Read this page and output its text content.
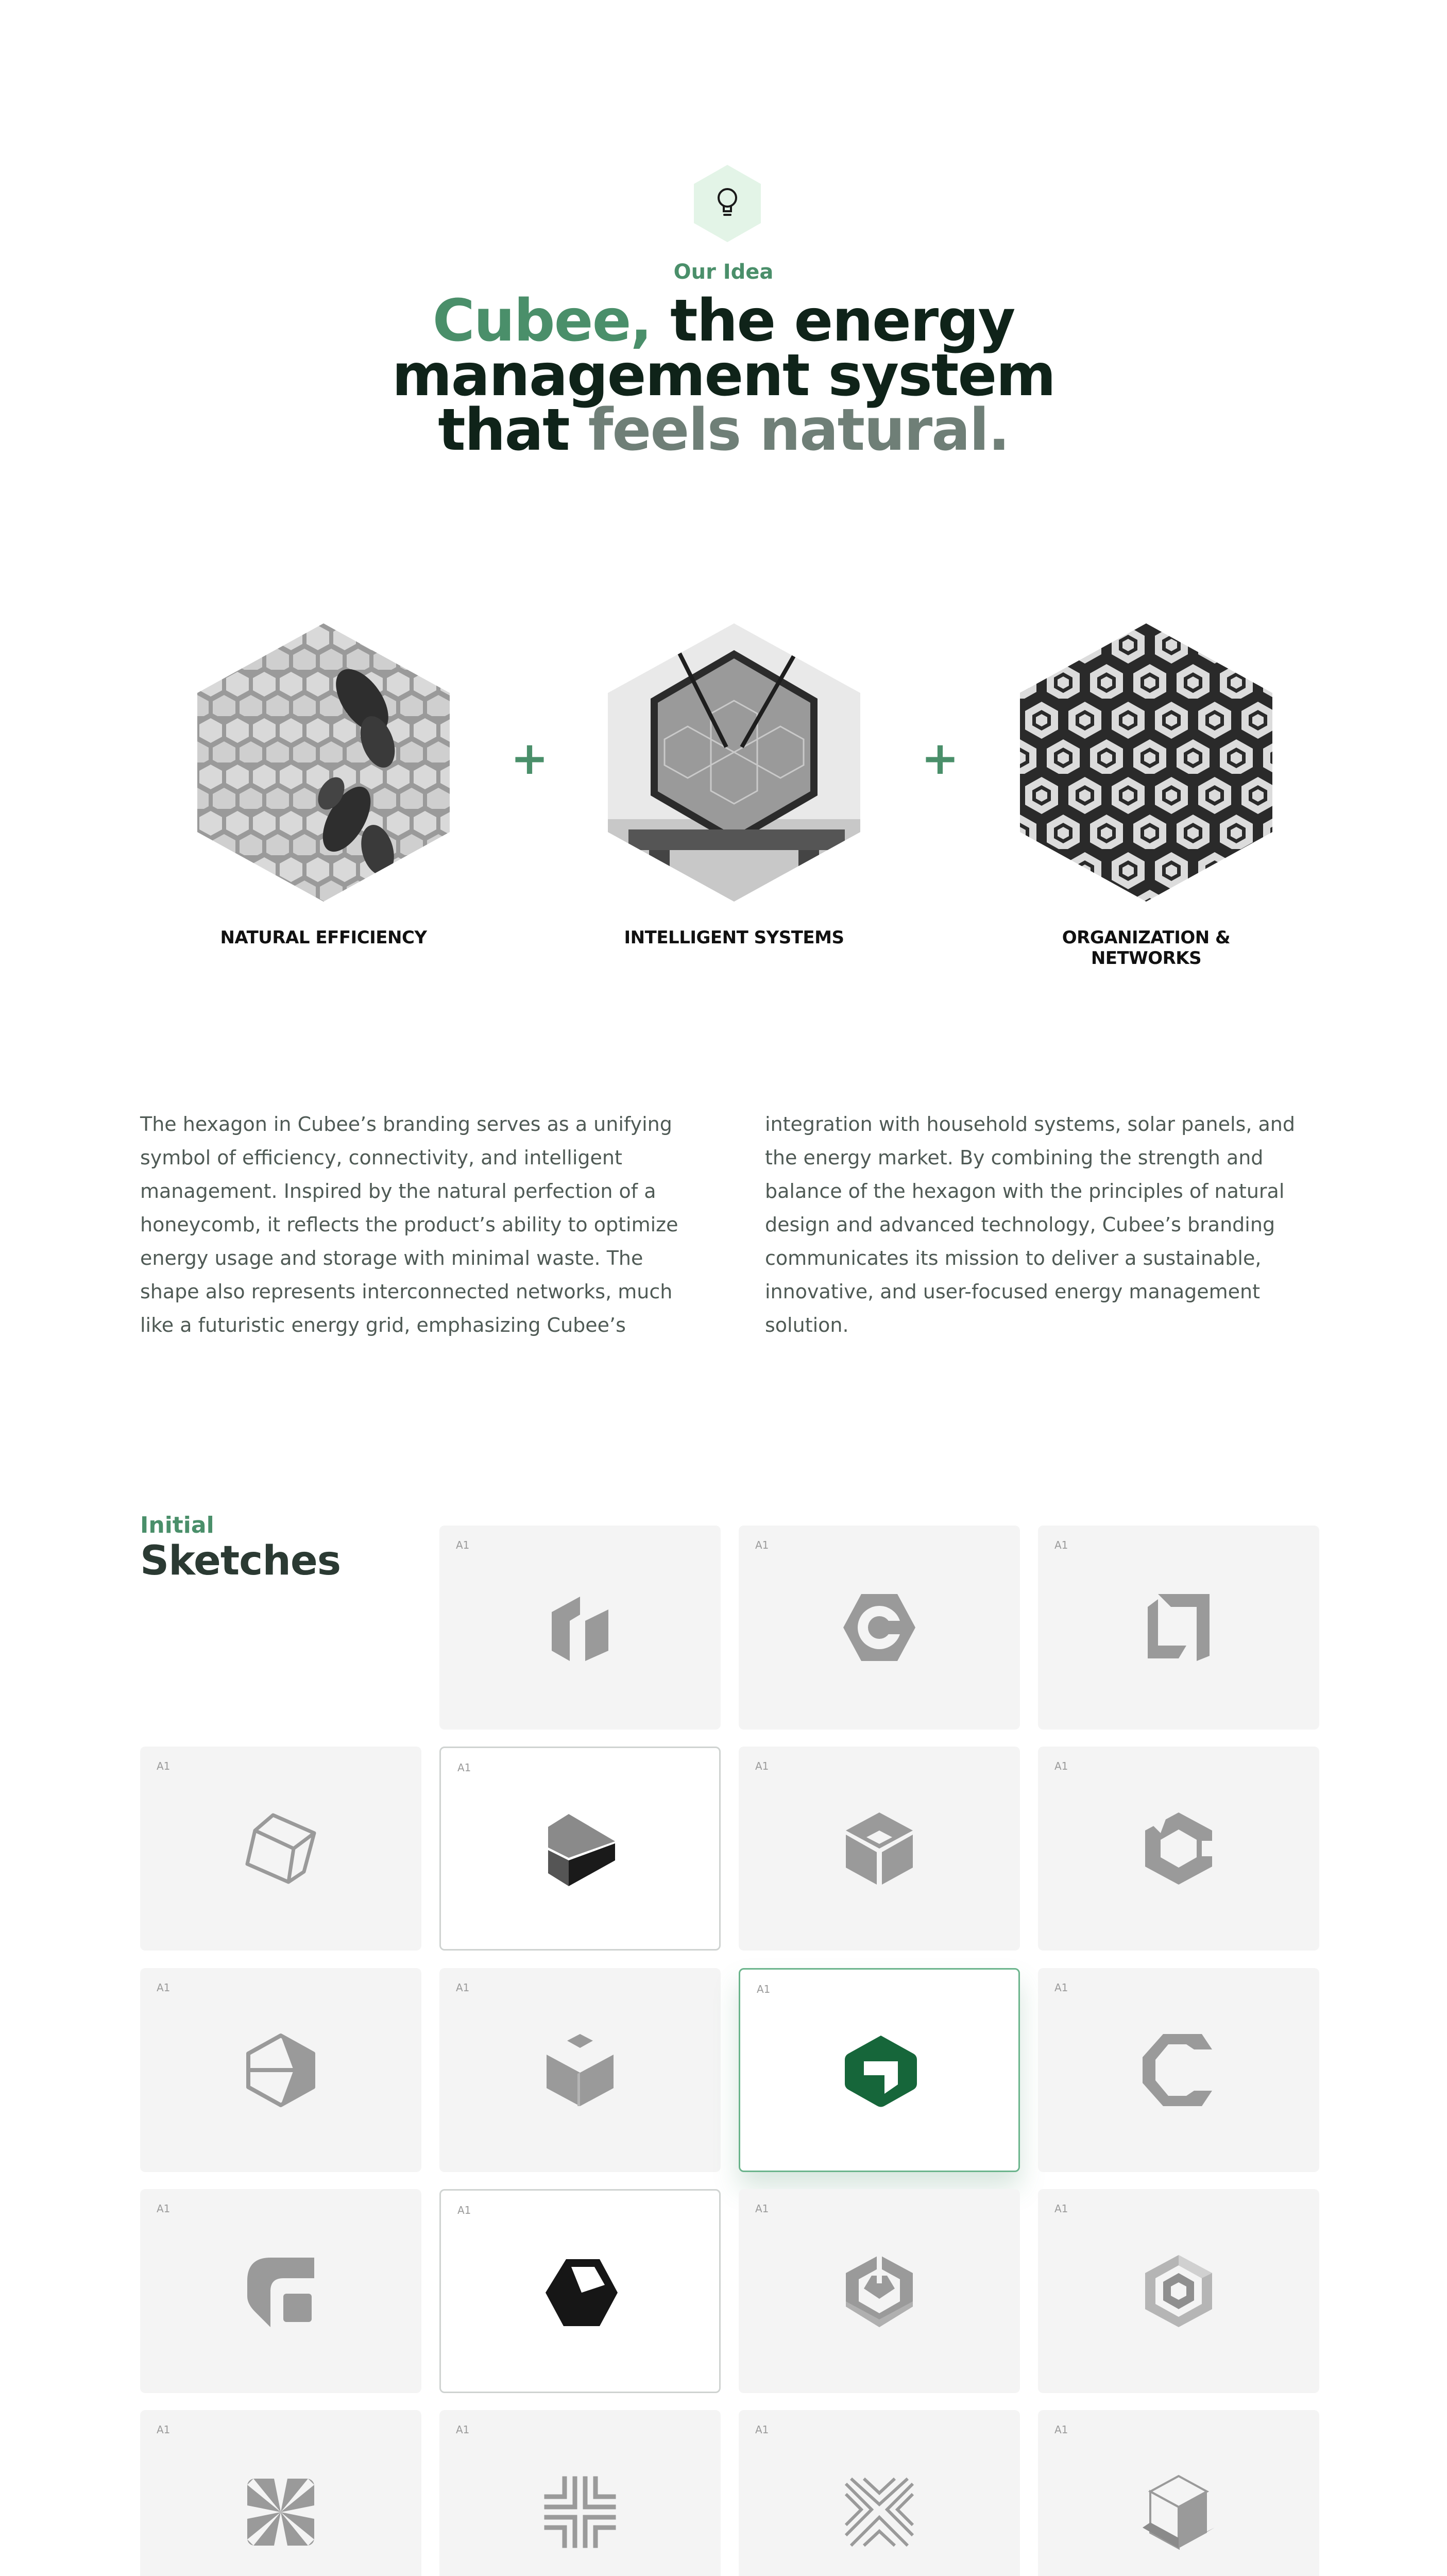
Our Idea
Cubee, the energy
management system
that feels natural.
NATURAL EFFICIENCY
+
INTELLIGENT SYSTEMS
+
ORGANIZATION & NETWORKS
The hexagon in Cubee’s branding serves as a unifying
symbol of efficiency, connectivity, and intelligent
management. Inspired by the natural perfection of a
honeycomb, it reflects the product’s ability to optimize
energy usage and storage with minimal waste. The
shape also represents interconnected networks, much
like a futuristic energy grid, emphasizing Cubee’s
integration with household systems, solar panels, and
the energy market. By combining the strength and
balance of the hexagon with the principles of natural
design and advanced technology, Cubee’s branding
communicates its mission to deliver a sustainable,
innovative, and user-focused energy management
solution.
Initial
Sketches	A1	A1	A1
A1	A1	A1	A1
A1	A1	A1	A1
A1	A1	A1	A1
A1	A1	A1	A1
